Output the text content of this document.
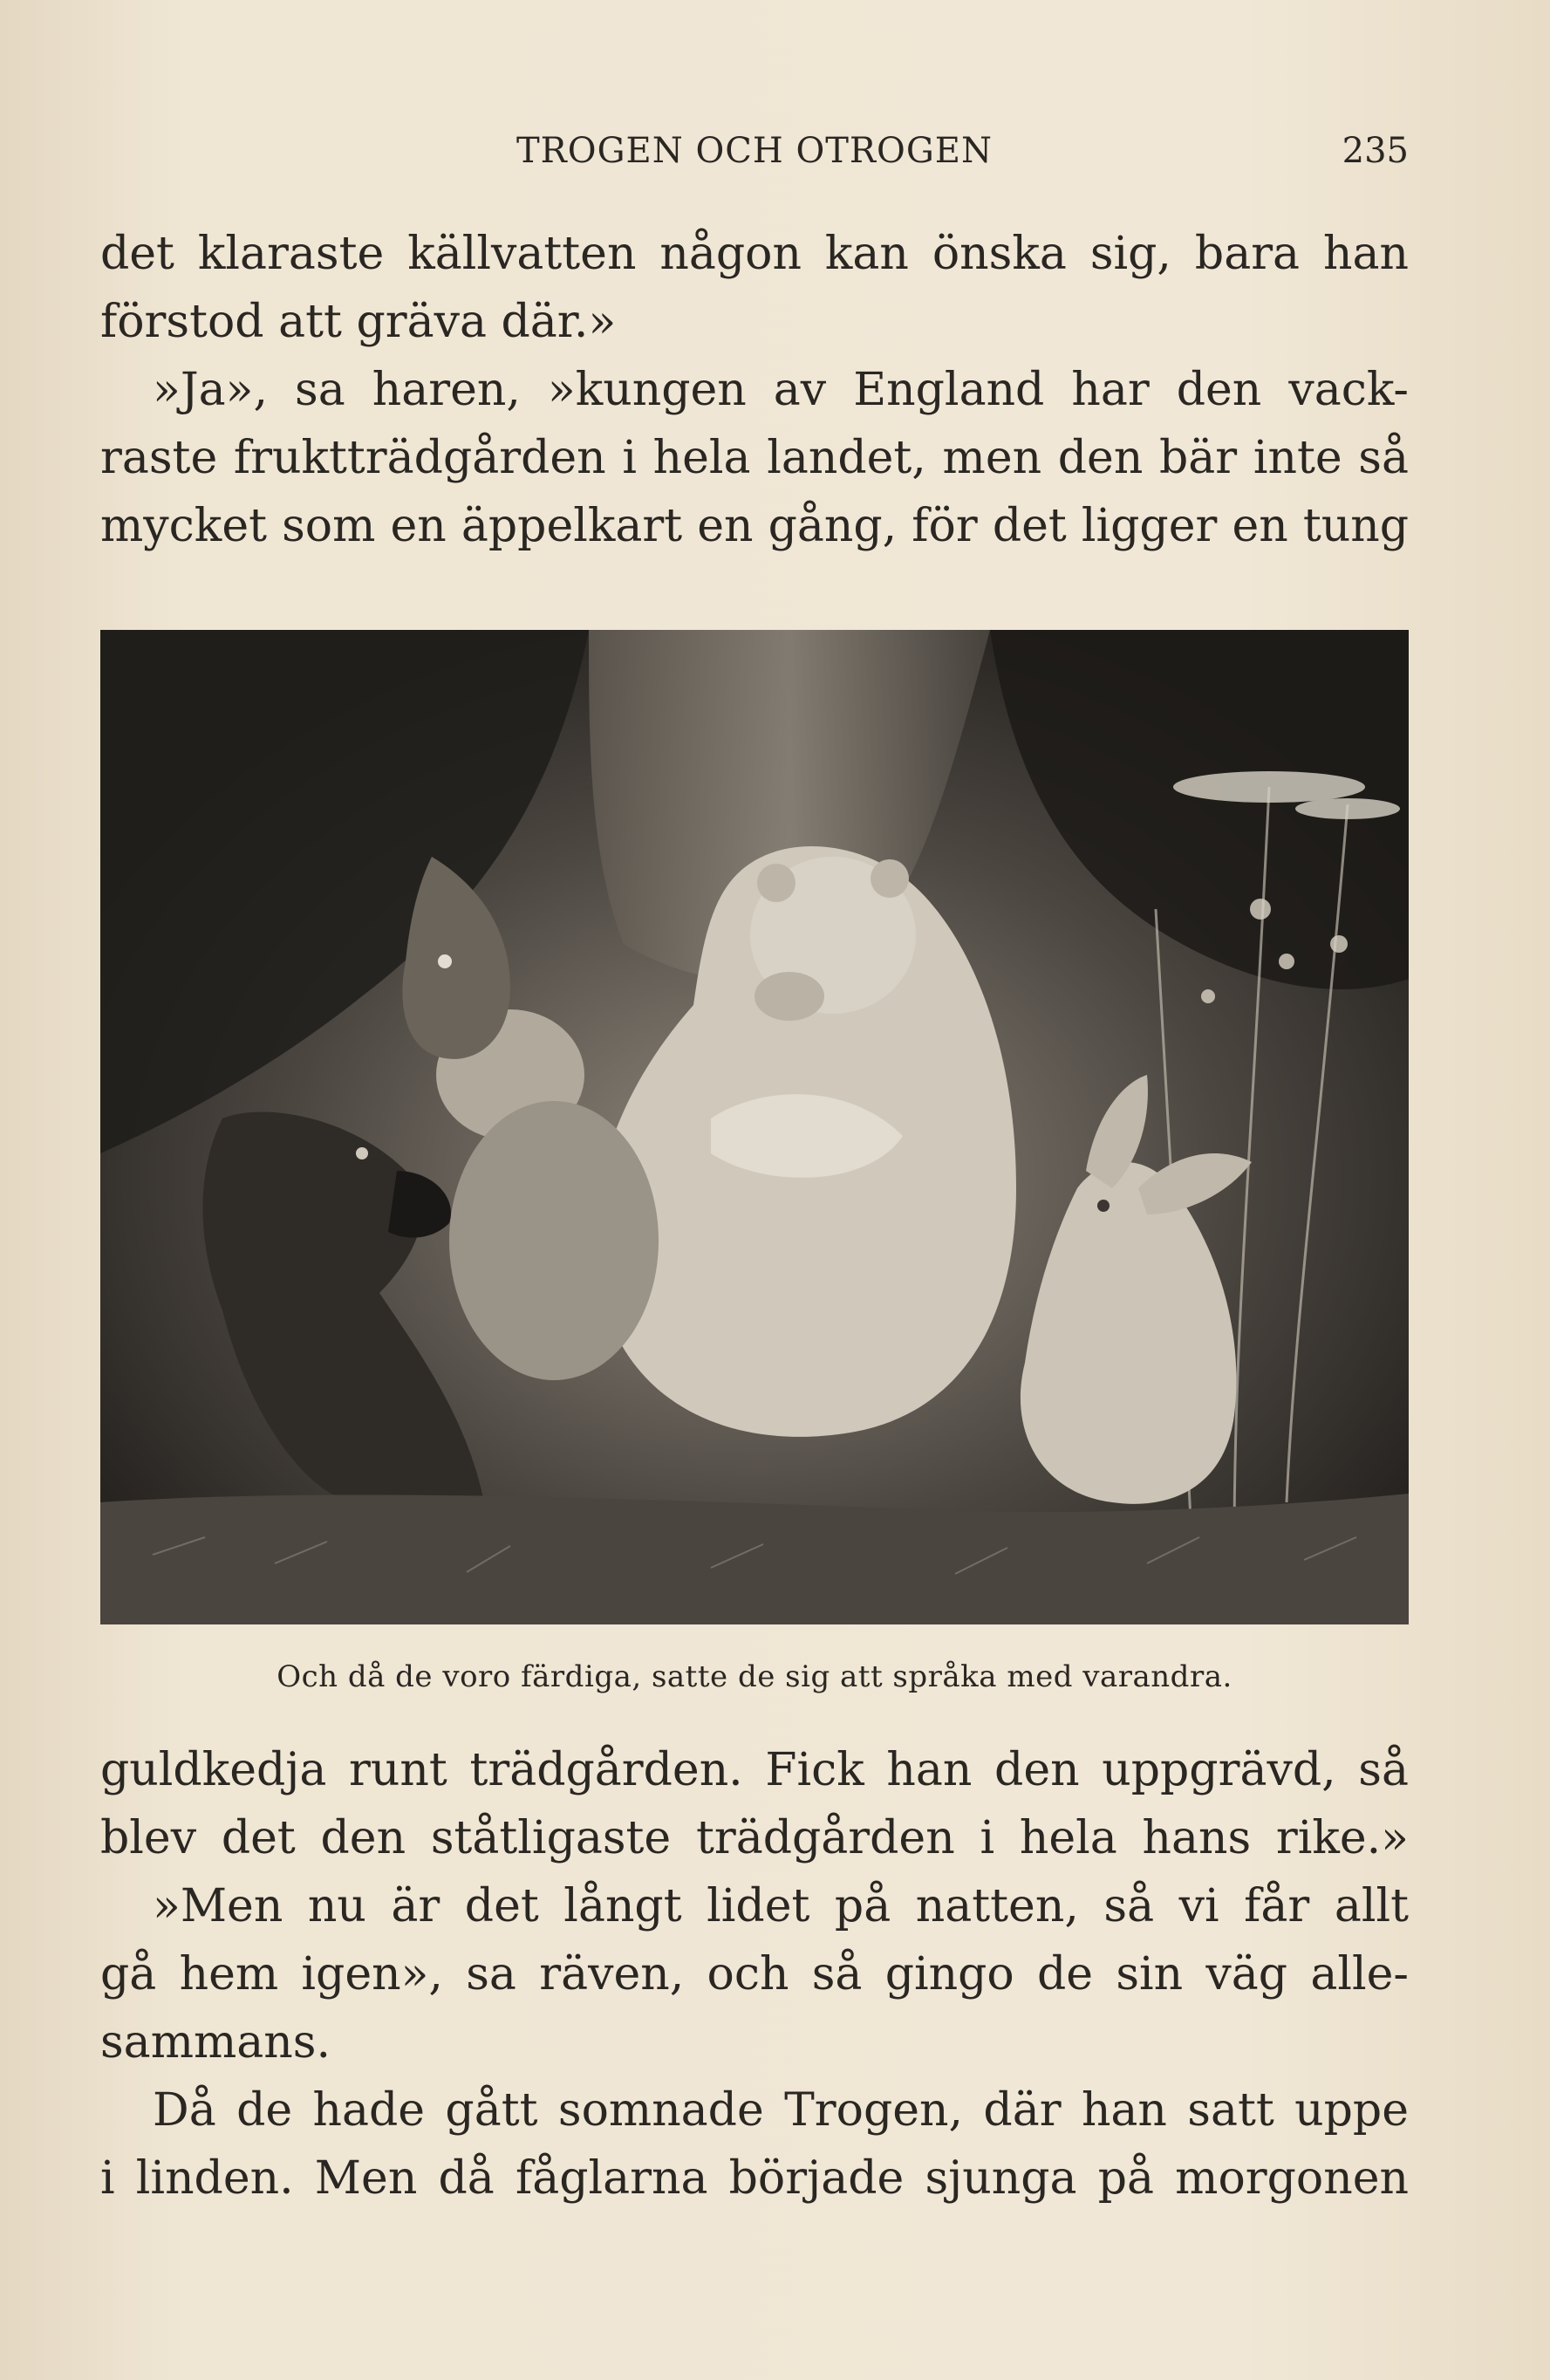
TROGEN OCH OTROGEN	235
det klaraste källvatten någon kan önska sig, bara han
förstod att gräva där.»
»Ja», sa haren, »kungen av England har den vack-
raste fruktträdgården i hela landet, men den bär inte så
mycket som en äppelkart en gång, för det ligger en tung
Och då de voro färdiga, satte de sig att språka med varandra.
guldkedja runt trädgården. Fick han den uppgrävd, så
blev det den ståtligaste trädgården i hela hans rike.»
»Men nu är det långt lidet på natten, så vi får allt
gå hem igen», sa räven, och så gingo de sin väg alle-
sammans.
Då de hade gått somnade Trogen, där han satt uppe
i linden. Men då fåglarna började sjunga på morgonen
